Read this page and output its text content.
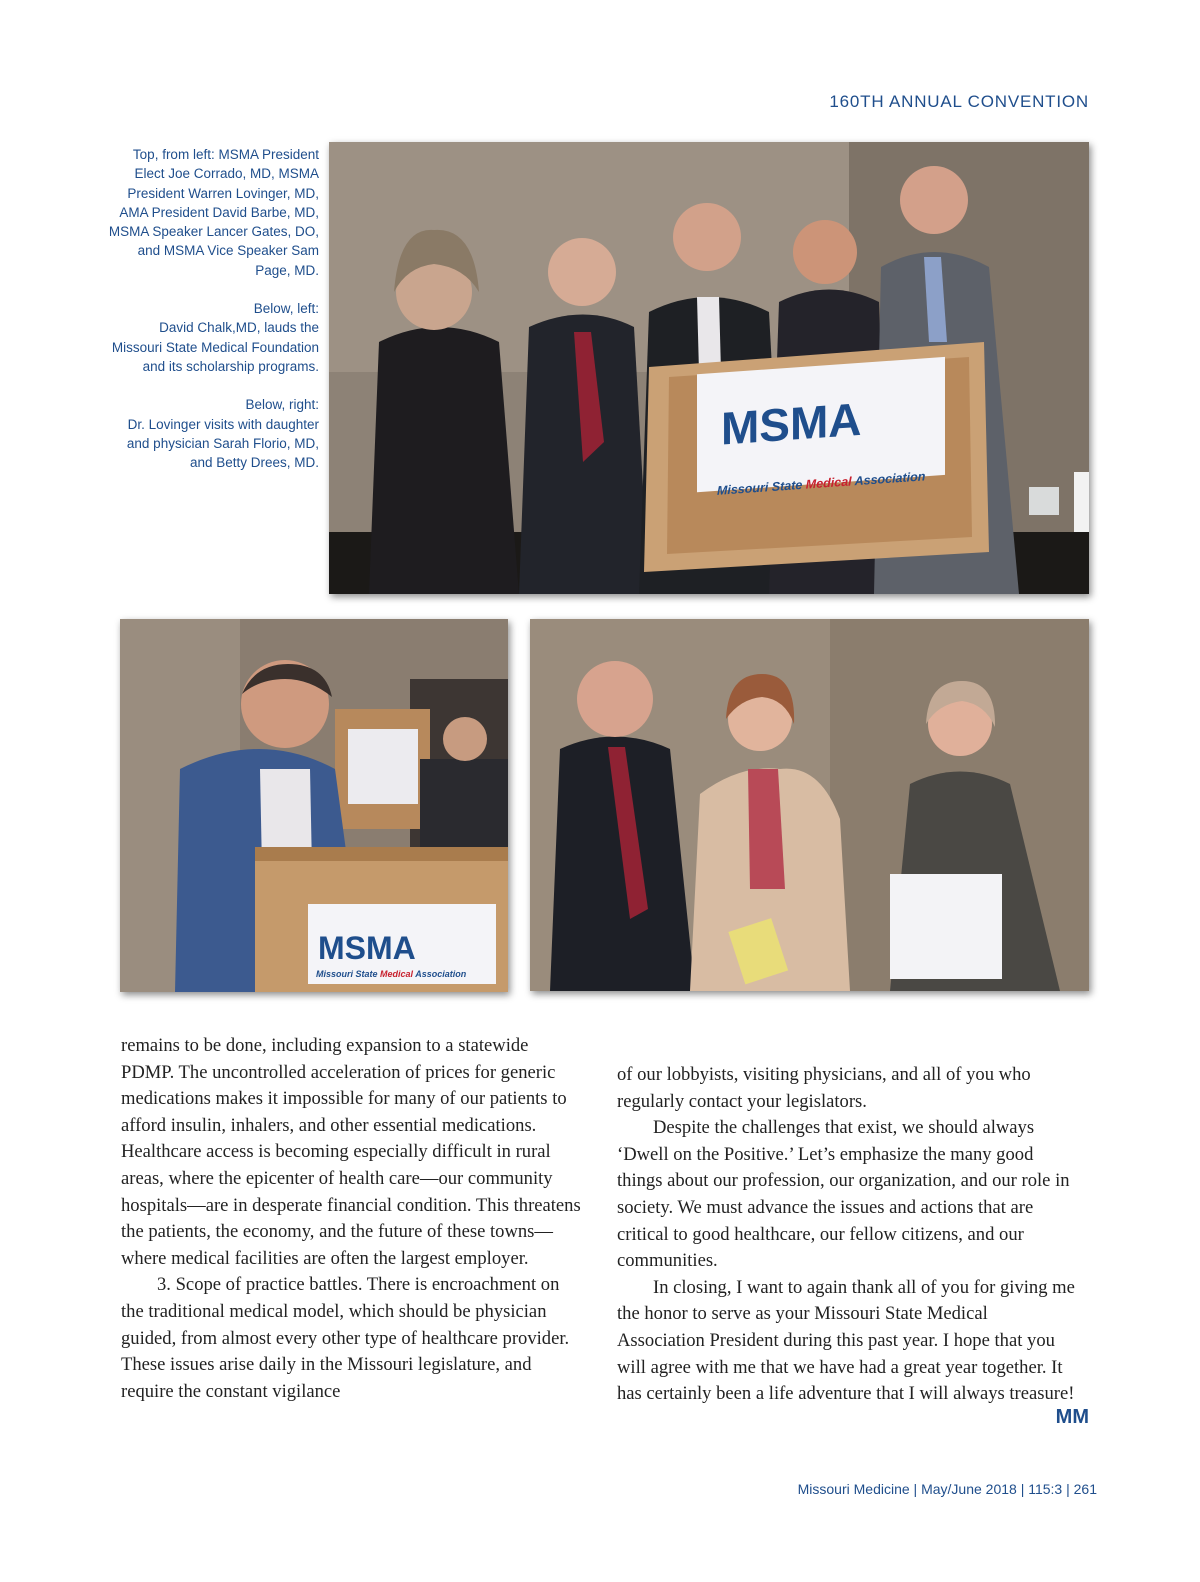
160TH ANNUAL CONVENTION

Top, from left: MSMA President Elect Joe Corrado, MD, MSMA President Warren Lovinger, MD, AMA President David Barbe, MD, MSMA Speaker Lancer Gates, DO, and MSMA Vice Speaker Sam Page, MD.

Below, left:
David Chalk,MD, lauds the Missouri State Medical Foundation and its scholarship programs.

Below, right:
Dr. Lovinger visits with daughter and physician Sarah Florio, MD, and Betty Drees, MD.

MSMA
Missouri State Medical Association
MSMA
Missouri State Medical Association

remains to be done, including expansion to a statewide PDMP. The uncontrolled acceleration of prices for generic medications makes it impossible for many of our patients to afford insulin, inhalers, and other essential medications. Healthcare access is becoming especially difficult in rural areas, where the epicenter of health care—our community hospitals—are in desperate financial condition. This threatens the patients, the economy, and the future of these towns—where medical facilities are often the largest employer.

3. Scope of practice battles. There is encroachment on the traditional medical model, which should be physician guided, from almost every other type of healthcare provider. These issues arise daily in the Missouri legislature, and require the constant vigilance

of our lobbyists, visiting physicians, and all of you who regularly contact your legislators.

Despite the challenges that exist, we should always ‘Dwell on the Positive.’ Let’s emphasize the many good things about our profession, our organization, and our role in society. We must advance the issues and actions that are critical to good healthcare, our fellow citizens, and our communities.

In closing, I want to again thank all of you for giving me the honor to serve as your Missouri State Medical Association President during this past year. I hope that you will agree with me that we have had a great year together. It has certainly been a life adventure that I will always treasure!

MM
Missouri Medicine | May/June 2018 | 115:3 | 261
